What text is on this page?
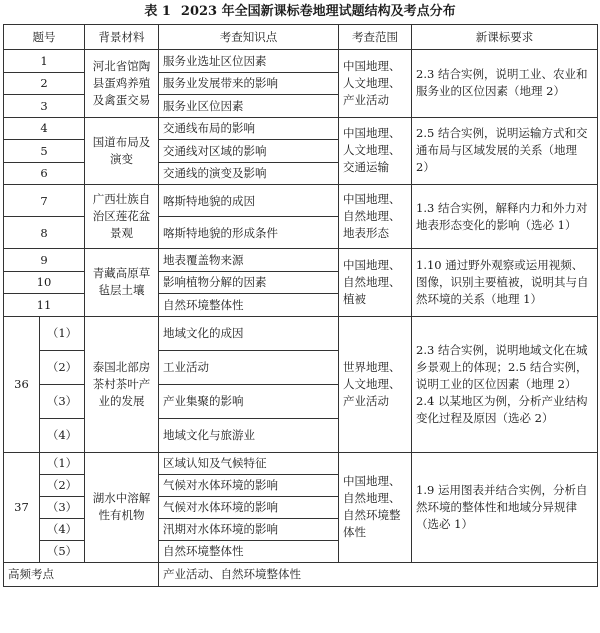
表 1 2023 年全国新课标卷地理试题结构及考点分布
题号		背景材料	考查知识点	考查范围	新课标要求
1		河北省馆陶县蛋鸡养殖及禽蛋交易	服务业选址区位因素	中国地理、人文地理、产业活动	2.3 结合实例，说明工业、农业和服务业的区位因素（地理 2）
2			服务业发展带来的影响		
3			服务业区位因素		
4		国道布局及演变	交通线布局的影响	中国地理、人文地理、交通运输	2.5 结合实例，说明运输方式和交通布局与区域发展的关系（地理 2）
5			交通线对区域的影响		
6			交通线的演变及影响		
7		广西壮族自治区莲花盆景观	喀斯特地貌的成因	中国地理、自然地理、地表形态	1.3 结合实例，解释内力和外力对地表形态变化的影响（选必 1）
8			喀斯特地貌的形成条件		
9		青藏高原草毡层土壤	地表覆盖物来源	中国地理、自然地理、植被	1.10 通过野外观察或运用视频、图像，识别主要植被，说明其与自然环境的关系（地理 1）
10			影响植物分解的因素		
11			自然环境整体性		
36	（1）	泰国北部房茶村茶叶产业的发展	地域文化的成因	世界地理、人文地理、产业活动	2.3 结合实例，说明地域文化在城乡景观上的体现；2.5 结合实例，说明工业的区位因素（地理 2）
2.4 以某地区为例，分析产业结构变化过程及原因（选必 2）

	（2）		工业活动		
	（3）		产业集聚的影响		
	（4）		地域文化与旅游业		
37	（1）	湖水中溶解性有机物	区域认知及气候特征	中国地理、自然地理、自然环境整体性	1.9 运用图表并结合实例，分析自然环境的整体性和地域分异规律（选必 1）
	（2）		气候对水体环境的影响		
	（3）		气候对水体环境的影响		
	（4）		汛期对水体环境的影响		
	（5）		自然环境整体性		
高频考点			产业活动、自然环境整体性		
